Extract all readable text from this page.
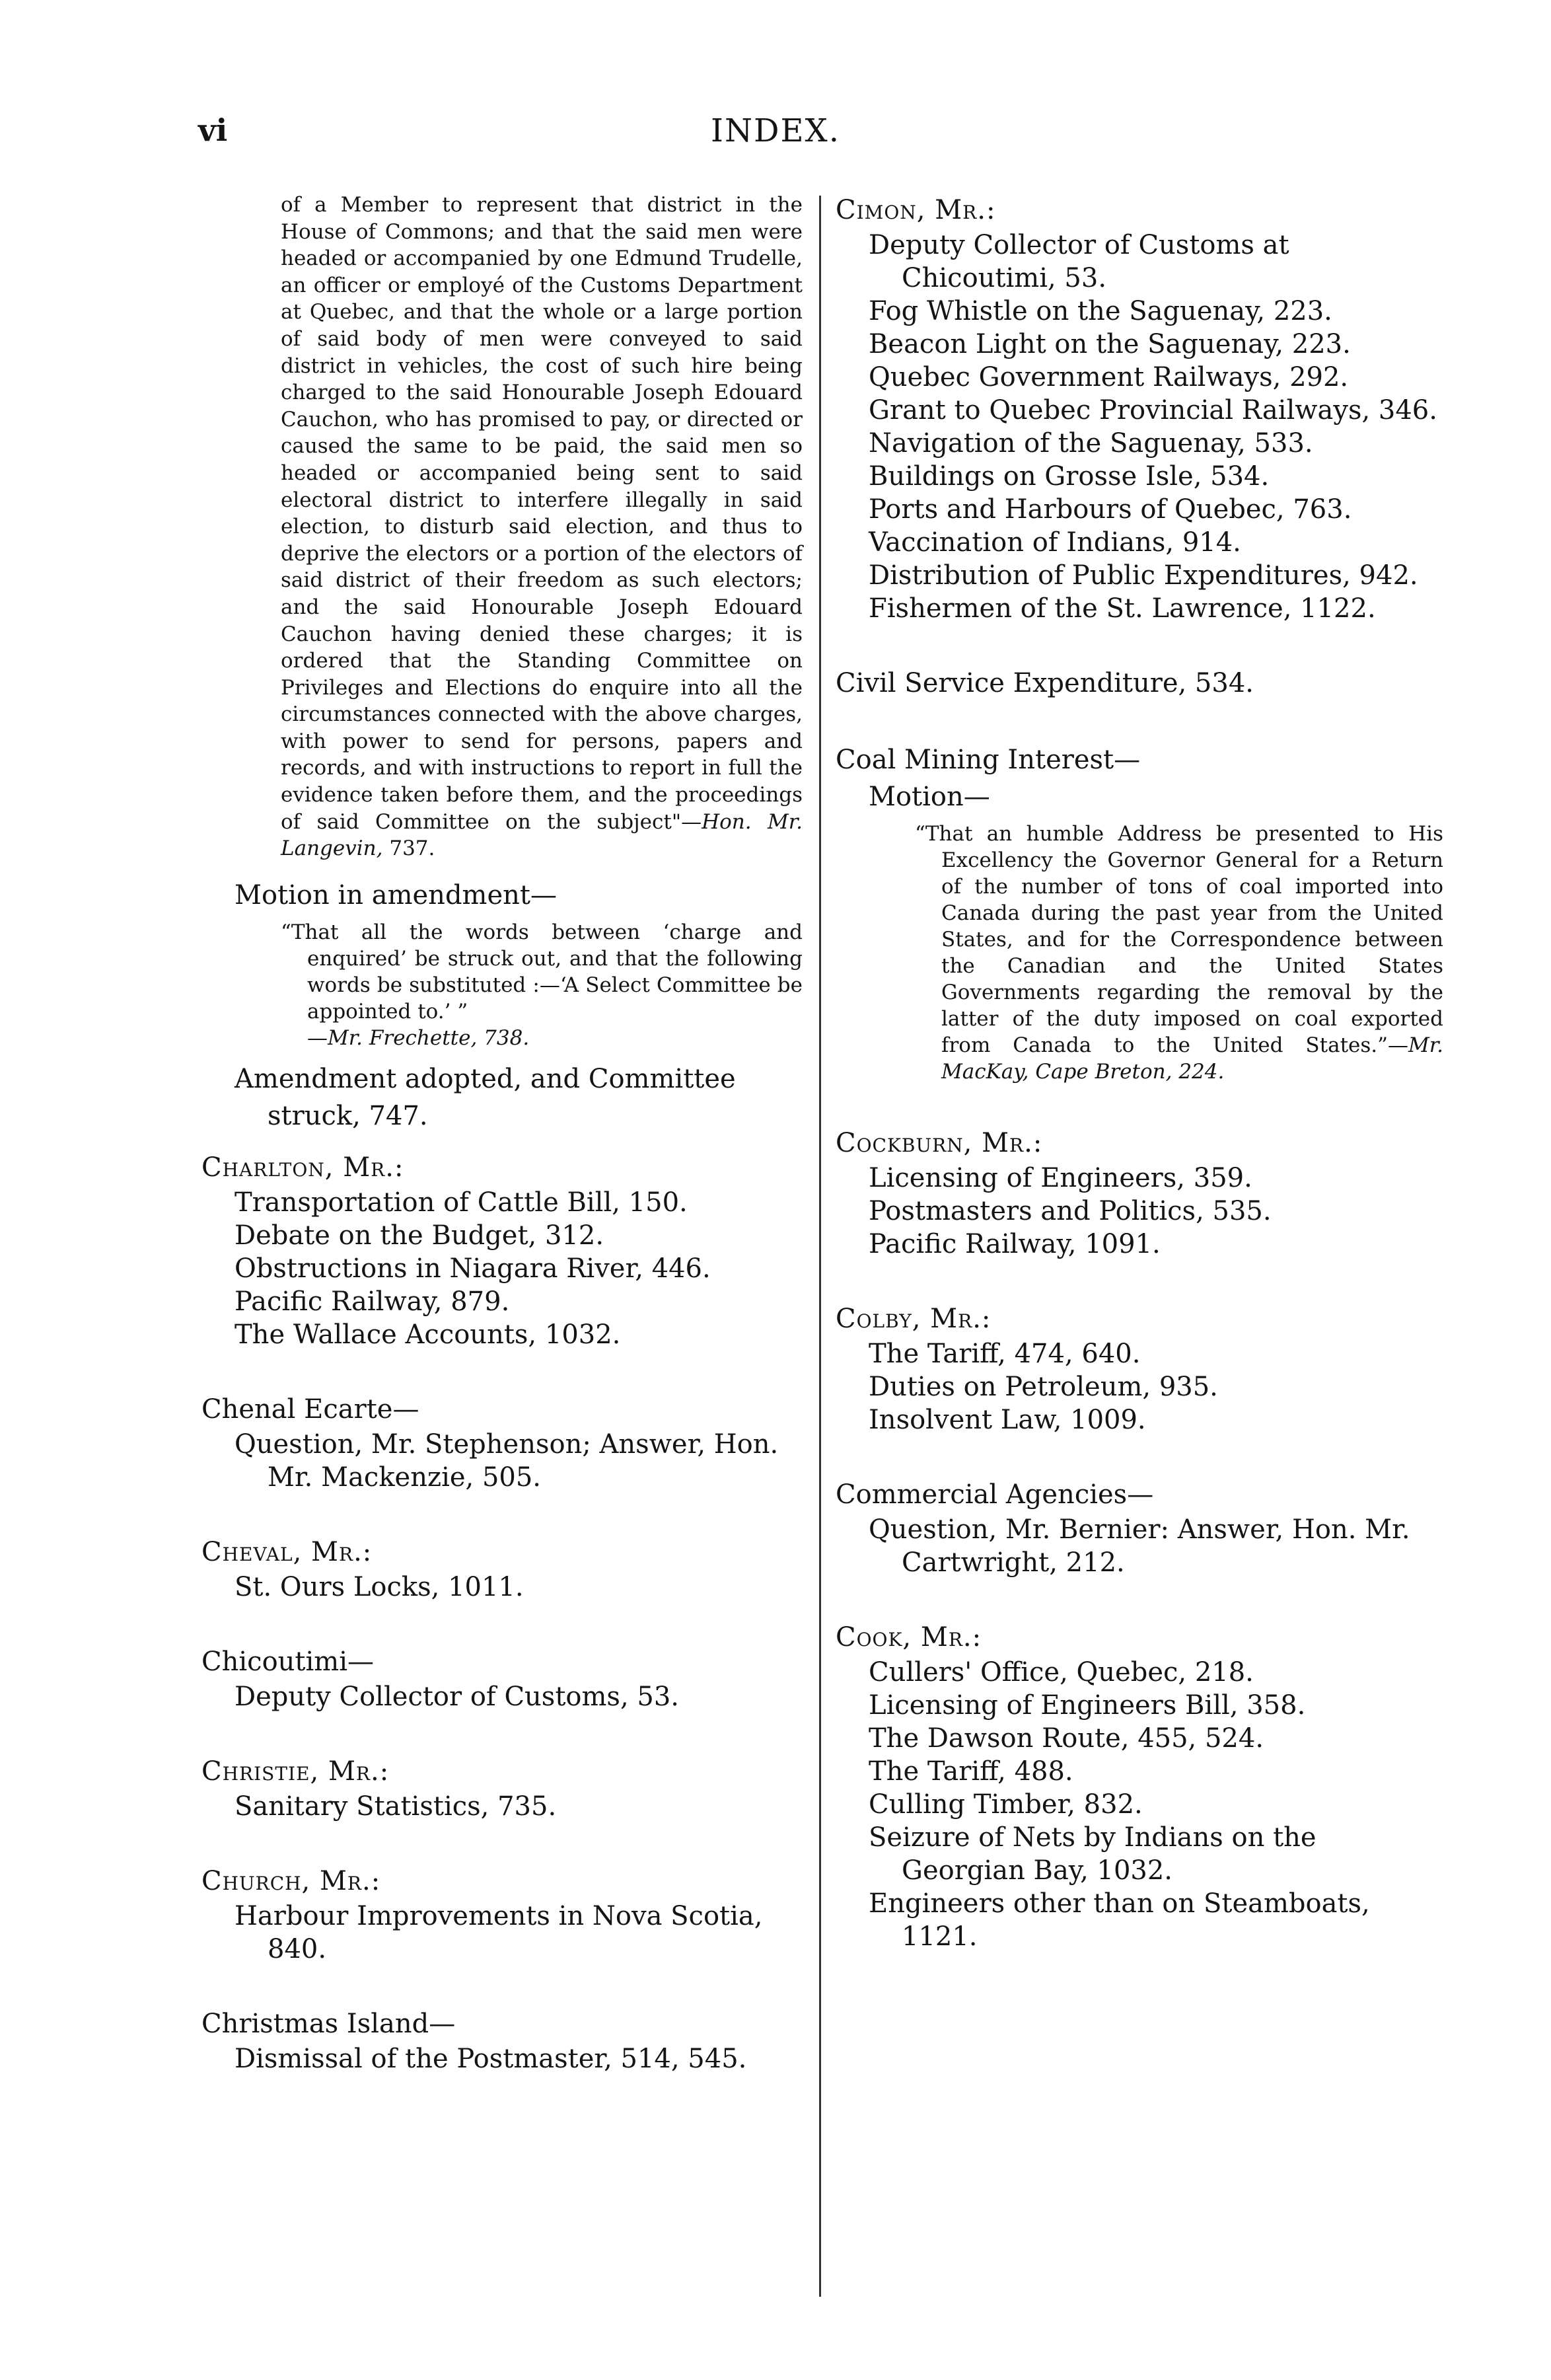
vi	INDEX.
of a Member to represent that district in the House of Commons; and that the said men were headed or accompanied by one Edmund Trudelle, an officer or employé of the Customs Department at Quebec, and that the whole or a large portion of said body of men were conveyed to said district in vehicles, the cost of such hire being charged to the said Honourable Joseph Edouard Cauchon, who has promised to pay, or directed or caused the same to be paid, the said men so headed or accompanied being sent to said electoral district to interfere illegally in said election, to disturb said election, and thus to deprive the electors or a portion of the electors of said district of their freedom as such electors; and the said Honourable Joseph Edouard Cauchon having denied these charges; it is ordered that the Standing Committee on Privileges and Elections do enquire into all the circumstances connected with the above charges, with power to send for persons, papers and records, and with instructions to report in full the evidence taken before them, and the proceedings of said Committee on the subject"—Hon. Mr. Langevin, 737.
Motion in amendment—
“That all the words between ‘charge and enquired’ be struck out, and that the following words be substituted :—‘A Select Committee be appointed to.’ ”
—Mr. Frechette, 738.
Amendment adopted, and Committee struck, 747.
Charlton, Mr.:
Transportation of Cattle Bill, 150.
Debate on the Budget, 312.
Obstructions in Niagara River, 446.
Pacific Railway, 879.
The Wallace Accounts, 1032.
Chenal Ecarte—
Question, Mr. Stephenson; Answer, Hon. Mr. Mackenzie, 505.
Cheval, Mr.:
St. Ours Locks, 1011.
Chicoutimi—
Deputy Collector of Customs, 53.
Christie, Mr.:
Sanitary Statistics, 735.
Church, Mr.:
Harbour Improvements in Nova Scotia, 840.
Christmas Island—
Dismissal of the Postmaster, 514, 545.
Cimon, Mr.:
Deputy Collector of Customs at Chicoutimi, 53.
Fog Whistle on the Saguenay, 223.
Beacon Light on the Saguenay, 223.
Quebec Government Railways, 292.
Grant to Quebec Provincial Railways, 346.
Navigation of the Saguenay, 533.
Buildings on Grosse Isle, 534.
Ports and Harbours of Quebec, 763.
Vaccination of Indians, 914.
Distribution of Public Expenditures, 942.
Fishermen of the St. Lawrence, 1122.
Civil Service Expenditure, 534.
Coal Mining Interest—
Motion—
“That an humble Address be presented to His Excellency the Governor General for a Return of the number of tons of coal imported into Canada during the past year from the United States, and for the Correspondence between the Canadian and the United States Governments regarding the removal by the latter of the duty imposed on coal exported from Canada to the United States.”—Mr. MacKay, Cape Breton, 224.
Cockburn, Mr.:
Licensing of Engineers, 359.
Postmasters and Politics, 535.
Pacific Railway, 1091.
Colby, Mr.:
The Tariff, 474, 640.
Duties on Petroleum, 935.
Insolvent Law, 1009.
Commercial Agencies—
Question, Mr. Bernier: Answer, Hon. Mr. Cartwright, 212.
Cook, Mr.:
Cullers' Office, Quebec, 218.
Licensing of Engineers Bill, 358.
The Dawson Route, 455, 524.
The Tariff, 488.
Culling Timber, 832.
Seizure of Nets by Indians on the Georgian Bay, 1032.
Engineers other than on Steamboats, 1121.
